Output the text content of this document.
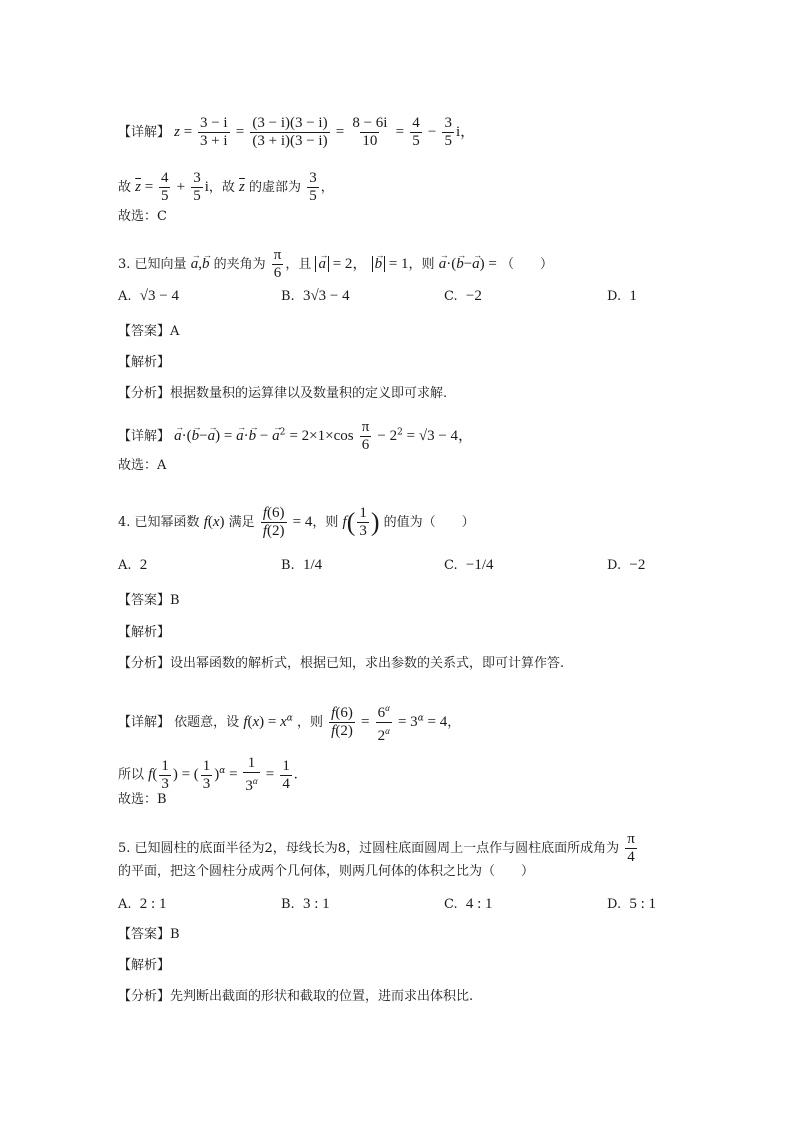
【详解】 $z = \frac{3 - i}{3 + i} = \frac{(3 - i)(3 - i)}{(3 + i)(3 - i)} = \frac{8 - 6i}{10} = \frac{4}{5} - \frac{3}{5}$ i，
故 $\overline{z} = \frac{4}{5} + \frac{3}{5}$ i，故 $\overline{z}$ 的虚部为 $\frac{3}{5}$ ，
故选：C
3. 已知向量 → a,→ b 的夹角为 $\frac{\pi}{6}$ ，且 → a = 2， → b = 1，则 → a·(→ b−→ a) = （　　）
A. √3 − 4	B. 3√3 − 4	C. −2	D. 1
【答案】A
【解析】
【分析】根据数量积的运算律以及数量积的定义即可求解.
【详解】 → a·(→ b−→ a) = → a·→ b − → $a^2 = 2\times 1\times\cos \frac{\pi}{6} - 2^2 = √3 - 4$，
故选：A
4. 已知幂函数 f(x) 满足 $\frac{f(6)}{f(2)} = 4$，则 $f( \frac{1}{3}$ ) 的值为（　　）
A. 2	B. 1/4	C. −1/4	D. −2
【答案】B
【解析】
【分析】设出幂函数的解析式，根据已知，求出参数的关系式，即可计算作答.
【详解】 依题意，设 $f(x) = x^\alpha$ ，则 $\frac{f(6)}{f(2)} = \frac{6^\alpha}{2^\alpha} = 3^\alpha = 4$，
所以 $f( \frac{1}{3}$ ) = ( $\frac{1}{3} )^\alpha = \frac{1}{3^\alpha} = \frac{1}{4}$ .
故选：B
5. 已知圆柱的底面半径为2，母线长为8，过圆柱底面圆周上一点作与圆柱底面所成角为 $\frac{\pi}{4}$
的平面，把这个圆柱分成两个几何体，则两几何体的体积之比为（　　）
A. 2 : 1	B. 3 : 1	C. 4 : 1	D. 5 : 1
【答案】B
【解析】
【分析】先判断出截面的形状和截取的位置，进而求出体积比.
